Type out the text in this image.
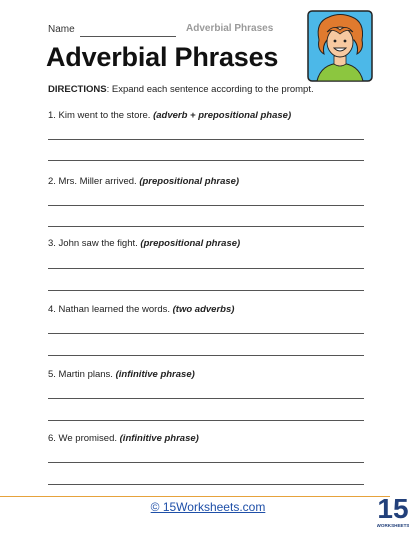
Name	Adverbial Phrases
Adverbial Phrases
DIRECTIONS: Expand each sentence according to the prompt.
1. Kim went to the store. (adverb + prepositional phase)
2. Mrs. Miller arrived. (prepositional phrase)
3. John saw the fight. (prepositional phrase)
4. Nathan learned the words. (two adverbs)
5. Martin plans. (infinitive phrase)
6. We promised. (infinitive phrase)
© 15Worksheets.com	15
WORKSHEETS
